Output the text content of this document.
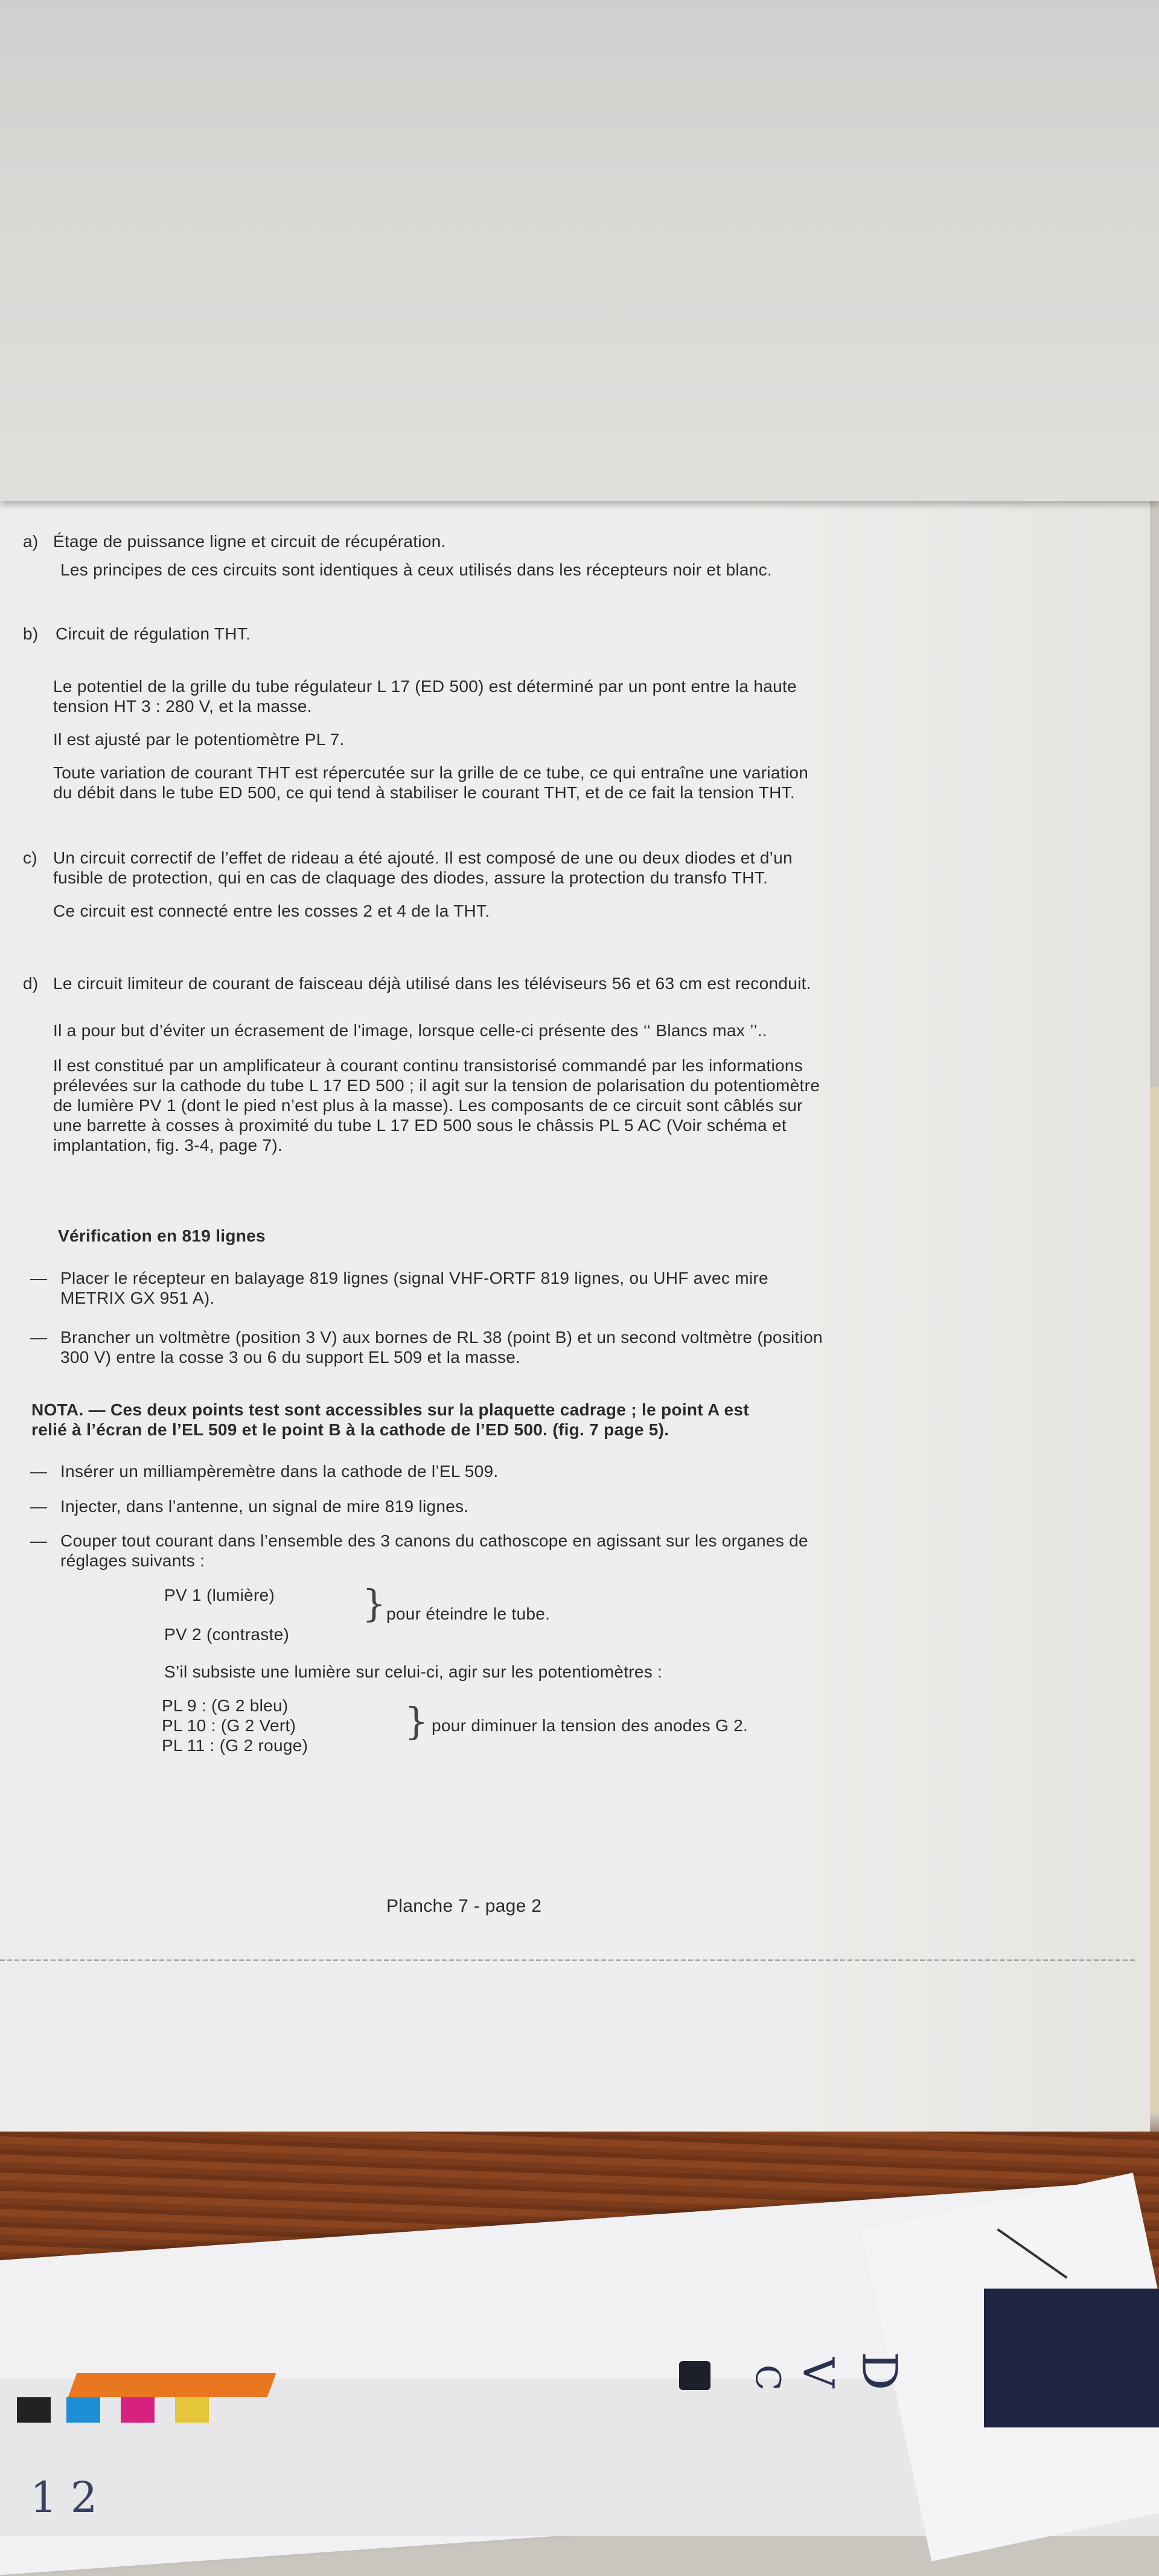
a) Étage de puissance ligne et circuit de récupération.
Les principes de ces circuits sont identiques à ceux utilisés dans les récepteurs noir et blanc.
b) Circuit de régulation THT.
Le potentiel de la grille du tube régulateur L 17 (ED 500) est déterminé par un pont entre la haute
tension HT 3 : 280 V, et la masse.
Il est ajusté par le potentiomètre PL 7.
Toute variation de courant THT est répercutée sur la grille de ce tube, ce qui entraîne une variation
du débit dans le tube ED 500, ce qui tend à stabiliser le courant THT, et de ce fait la tension THT.
c) Un circuit correctif de l’effet de rideau a été ajouté. Il est composé de une ou deux diodes et d’un
fusible de protection, qui en cas de claquage des diodes, assure la protection du transfo THT.
Ce circuit est connecté entre les cosses 2 et 4 de la THT.
d) Le circuit limiteur de courant de faisceau déjà utilisé dans les téléviseurs 56 et 63 cm est reconduit.
Il a pour but d’éviter un écrasement de l’image, lorsque celle-ci présente des ‘‘ Blancs max ’’..
Il est constitué par un amplificateur à courant continu transistorisé commandé par les informations
prélevées sur la cathode du tube L 17 ED 500 ; il agit sur la tension de polarisation du potentiomètre
de lumière PV 1 (dont le pied n’est plus à la masse). Les composants de ce circuit sont câblés sur
une barrette à cosses à proximité du tube L 17 ED 500 sous le châssis PL 5 AC (Voir schéma et
implantation, fig. 3-4, page 7).
Vérification en 819 lignes
— Placer le récepteur en balayage 819 lignes (signal VHF-ORTF 819 lignes, ou UHF avec mire
METRIX GX 951 A).
— Brancher un voltmètre (position 3 V) aux bornes de RL 38 (point B) et un second voltmètre (position
300 V) entre la cosse 3 ou 6 du support EL 509 et la masse.
NOTA. — Ces deux points test sont accessibles sur la plaquette cadrage ; le point A est
relié à l’écran de l’EL 509 et le point B à la cathode de l’ED 500. (fig. 7 page 5).
— Insérer un milliampèremètre dans la cathode de l’EL 509.
— Injecter, dans l’antenne, un signal de mire 819 lignes.
— Couper tout courant dans l’ensemble des 3 canons du cathoscope en agissant sur les organes de
réglages suivants :
PV 1 (lumière)
PV 2 (contraste)
} pour éteindre le tube.
S’il subsiste une lumière sur celui-ci, agir sur les potentiomètres :
PL 9 : (G 2 bleu)
PL 10 : (G 2 Vert)
PL 11 : (G 2 rouge)
} pour diminuer la tension des anodes G 2.
Planche 7 - page 2
D
V
C
1 2
